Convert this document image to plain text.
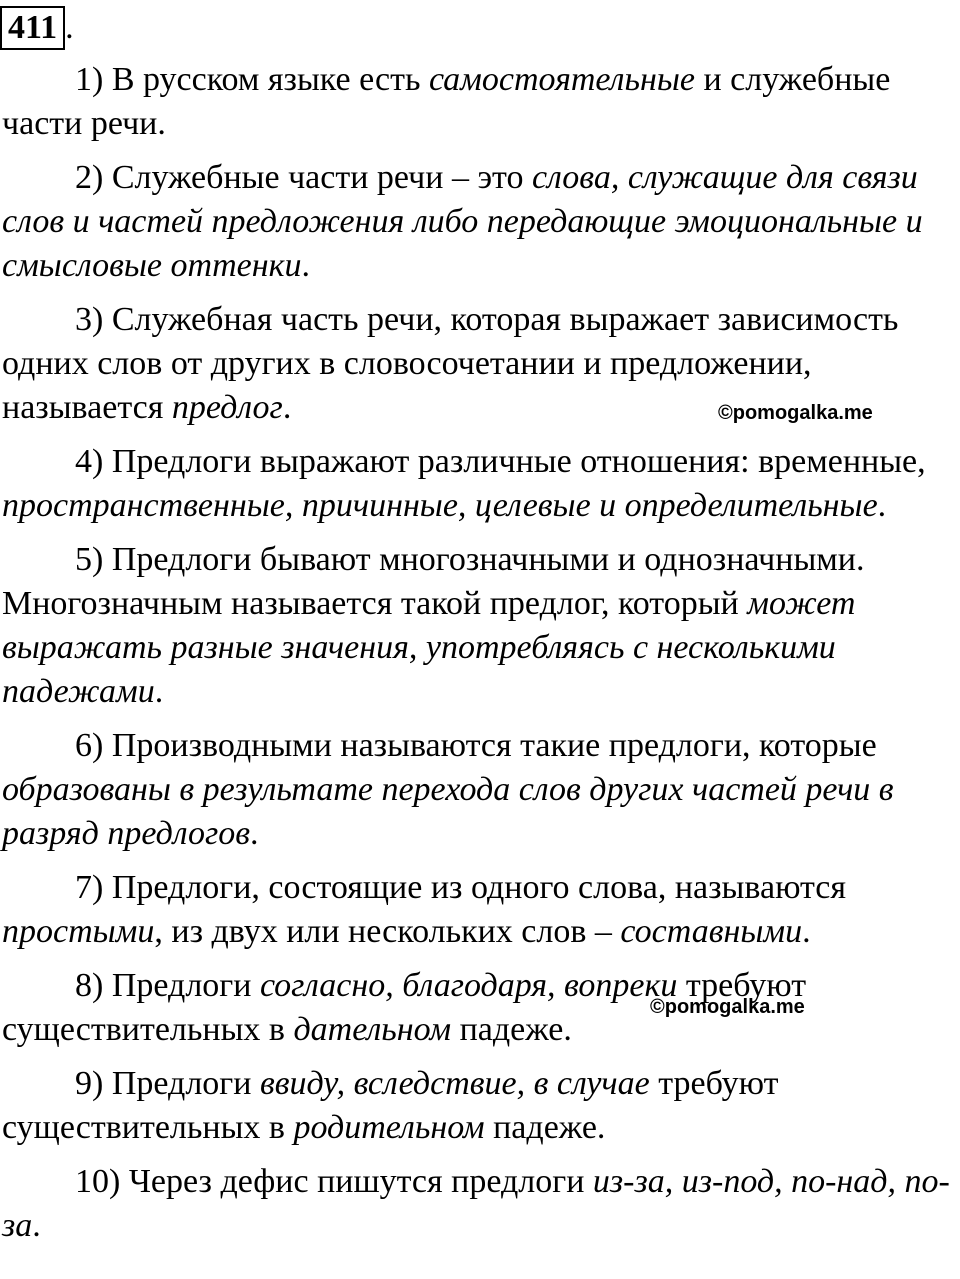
411 .

1) В русском языке есть самостоятельные и служебные части речи.

2) Служебные части речи – это слова, служащие для связи слов и частей предложения либо передающие эмоциональные и смысловые оттенки.

3) Служебная часть речи, которая выражает зависимость одних слов от других в словосочетании и предложении, называется предлог.

4) Предлоги выражают различные отношения: временные, пространственные, причинные, целевые и определительные.

5) Предлоги бывают многозначными и однозначными. Многозначным называется такой предлог, который может выражать разные значения, употребляясь с несколькими падежами.

6) Производными называются такие предлоги, которые образованы в результате перехода слов других частей речи в разряд предлогов.

7) Предлоги, состоящие из одного слова, называются простыми, из двух или нескольких слов – составными.

8) Предлоги согласно, благодаря, вопреки требуют существительных в дательном падеже.

9) Предлоги ввиду, вследствие, в случае требуют существительных в родительном падеже.

10) Через дефис пишутся предлоги из-за, из-под, по-над, по-за.

©pomogalka.me
©pomogalka.me
